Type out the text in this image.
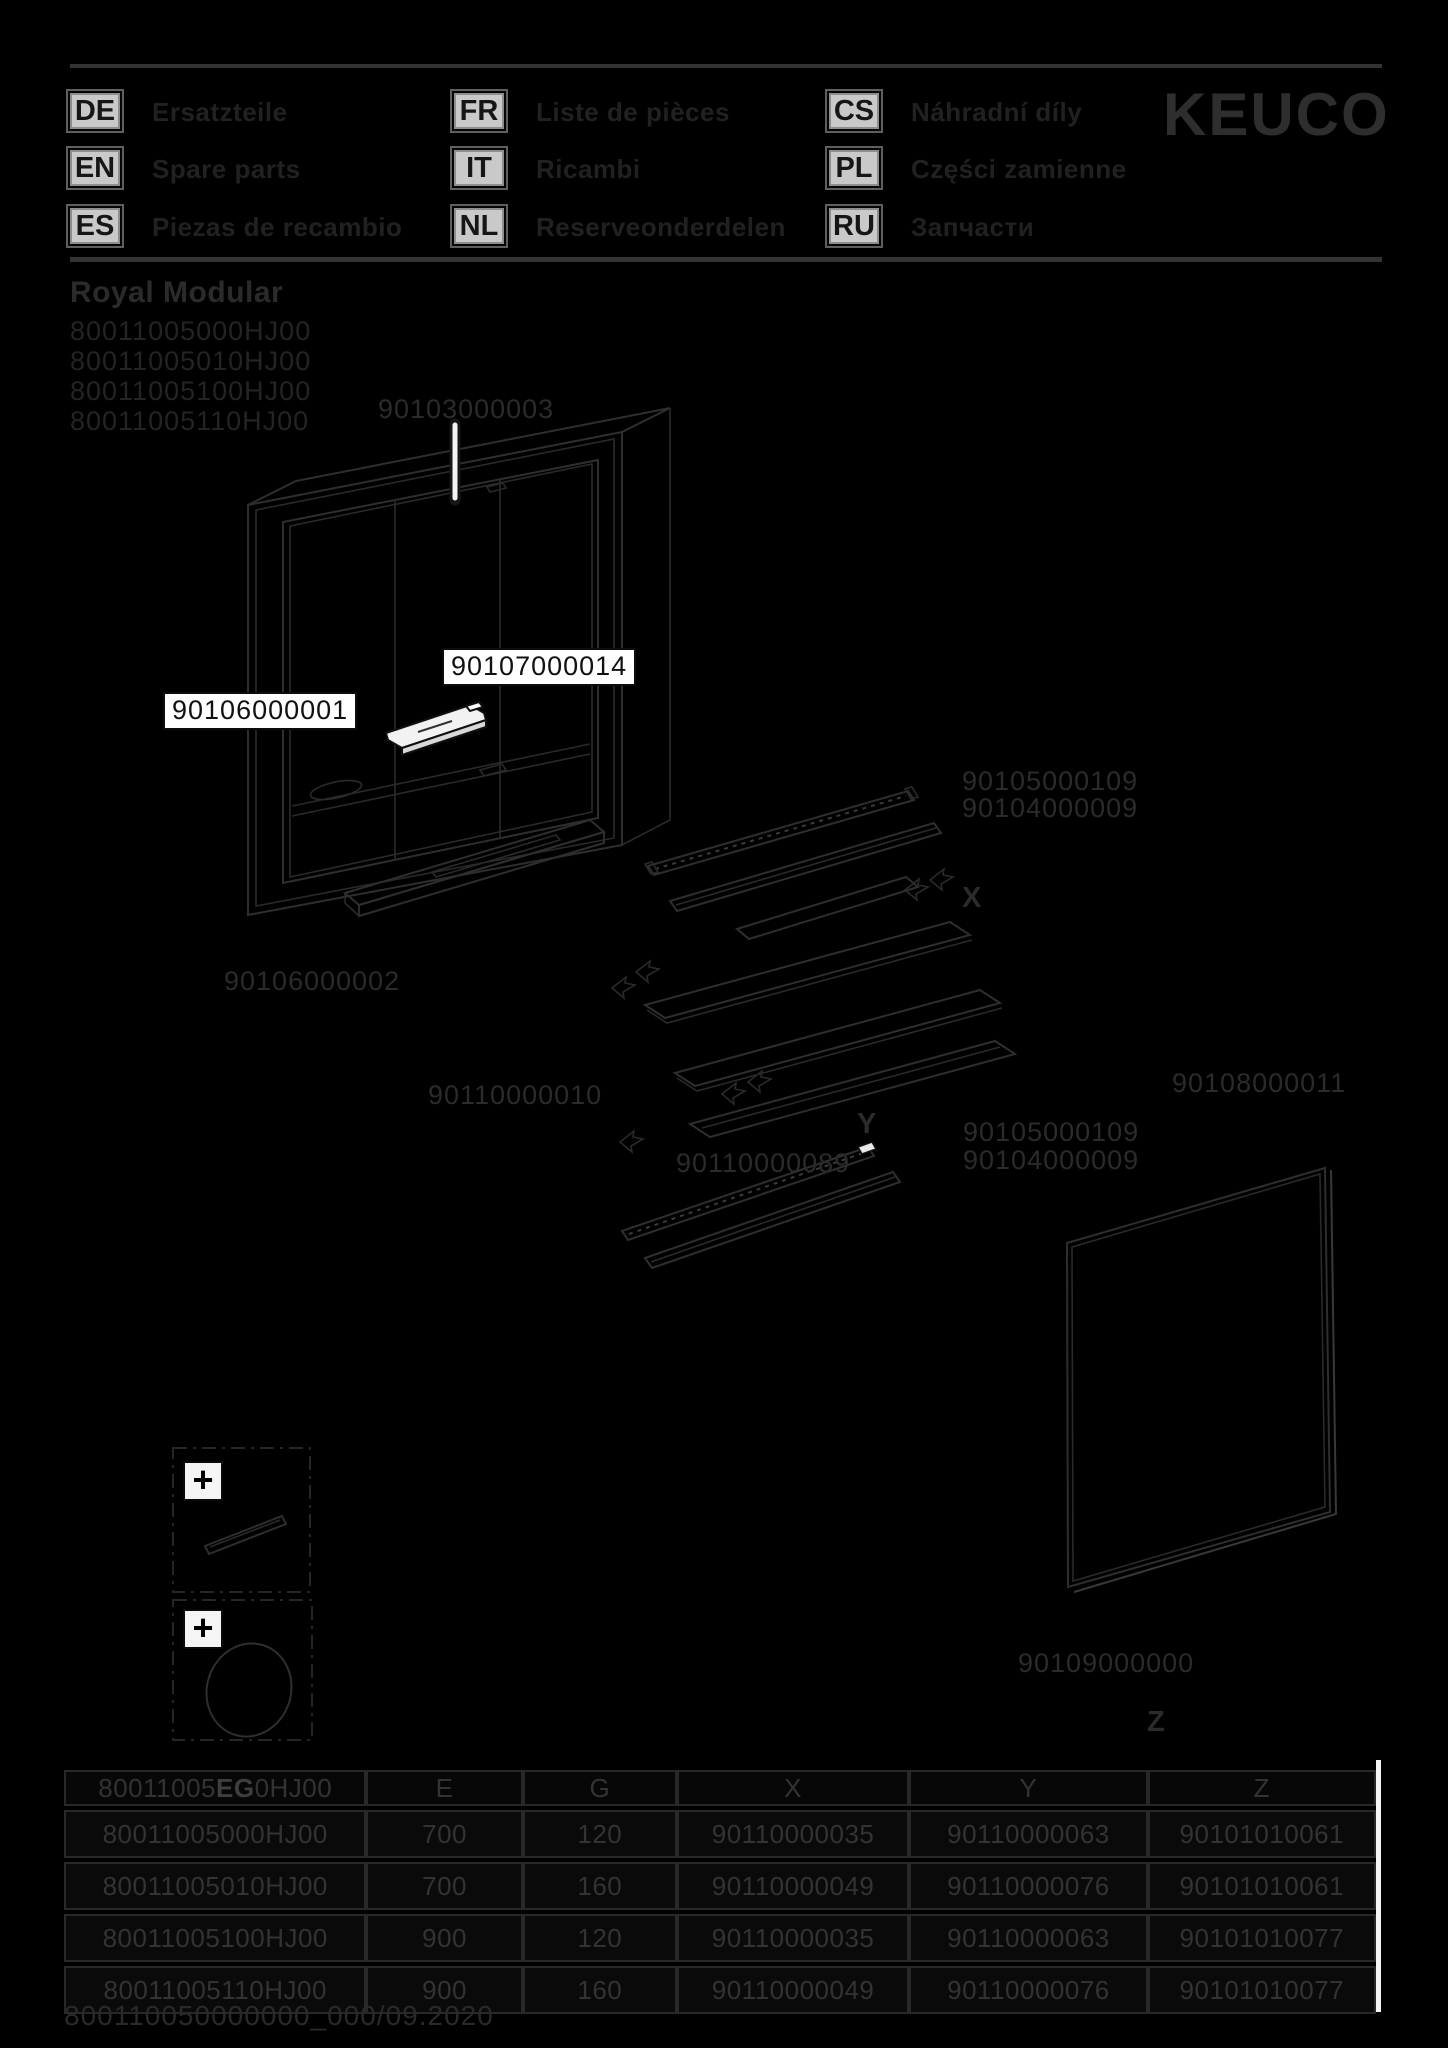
DE Ersatzteile
EN Spare parts
ES Piezas de recambio
FR Liste de pièces
IT	Ricambi
NL Reserveonderdelen
CS Náhradní díly
PL Części zamienne
RU Запчасти
KEUCO
Royal Modular
80011005000HJ00
80011005010HJ00
80011005100HJ00
80011005110HJ00
+
+
90103000003
90107000014
90106000001
90105000109
90104000009
X
90106000002
90110000010	90108000011
Y
90110000089
90105000109
90104000009
90109000000
Z
80011005EG0HJ00	E	G	X	Y	Z
80011005000HJ00	700	120	90110000035	90110000063	90101010061
80011005010HJ00	700	160	90110000049	90110000076	90101010061
80011005100HJ00	900	120	90110000035	90110000063	90101010077
80011005110HJ00	900	160	90110000049	90110000076	90101010077
800110050000000_000/09.2020
